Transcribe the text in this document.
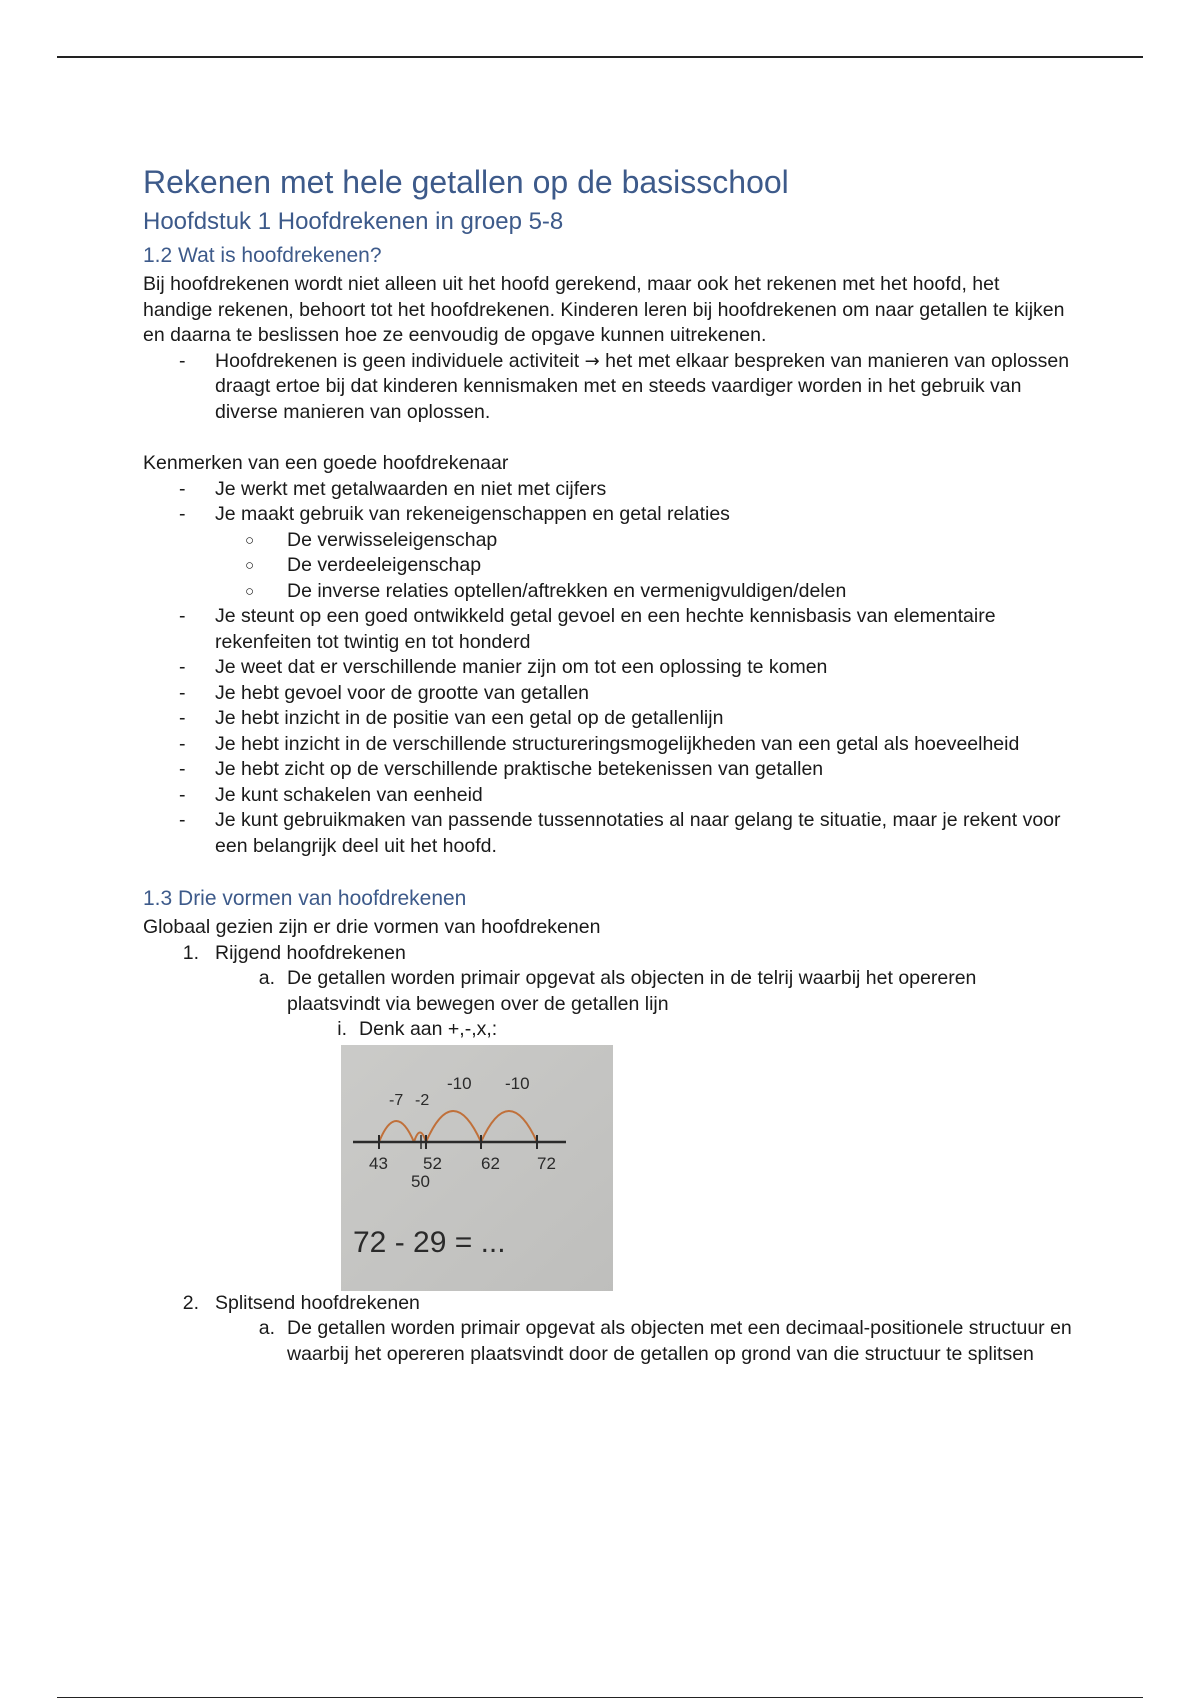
Rekenen met hele getallen op de basisschool
Hoofdstuk 1 Hoofdrekenen in groep 5-8
1.2 Wat is hoofdrekenen?

Bij hoofdrekenen wordt niet alleen uit het hoofd gerekend, maar ook het rekenen met het hoofd, het handige rekenen, behoort tot het hoofdrekenen. Kinderen leren bij hoofdrekenen om naar getallen te kijken en daarna te beslissen hoe ze eenvoudig de opgave kunnen uitrekenen.

- Hoofdrekenen is geen individuele activiteit → het met elkaar bespreken van manieren van oplossen draagt ertoe bij dat kinderen kennismaken met en steeds vaardiger worden in het gebruik van diverse manieren van oplossen.

Kenmerken van een goede hoofdrekenaar

- Je werkt met getalwaarden en niet met cijfers
- Je maakt gebruik van rekeneigenschappen en getal relaties
○ De verwisseleigenschap
○ De verdeeleigenschap
○ De inverse relaties optellen/aftrekken en vermenigvuldigen/delen
- Je steunt op een goed ontwikkeld getal gevoel en een hechte kennisbasis van elementaire rekenfeiten tot twintig en tot honderd
- Je weet dat er verschillende manier zijn om tot een oplossing te komen
- Je hebt gevoel voor de grootte van getallen
- Je hebt inzicht in de positie van een getal op de getallenlijn
- Je hebt inzicht in de verschillende structureringsmogelijkheden van een getal als hoeveelheid
- Je hebt zicht op de verschillende praktische betekenissen van getallen
- Je kunt schakelen van eenheid
- Je kunt gebruikmaken van passende tussennotaties al naar gelang te situatie, maar je rekent voor een belangrijk deel uit het hoofd.
1.3 Drie vormen van hoofdrekenen

Globaal gezien zijn er drie vormen van hoofdrekenen

1. Rijgend hoofdrekenen
a. De getallen worden primair opgevat als objecten in de telrij waarbij het opereren plaatsvindt via bewegen over de getallen lijn
i. Denk aan +,-,x,:
-7 -2
-10 -10
43 52 62 72
50
72 - 29 = ...
2. Splitsend hoofdrekenen
a. De getallen worden primair opgevat als objecten met een decimaal-positionele structuur en waarbij het opereren plaatsvindt door de getallen op grond van die structuur te splitsen
